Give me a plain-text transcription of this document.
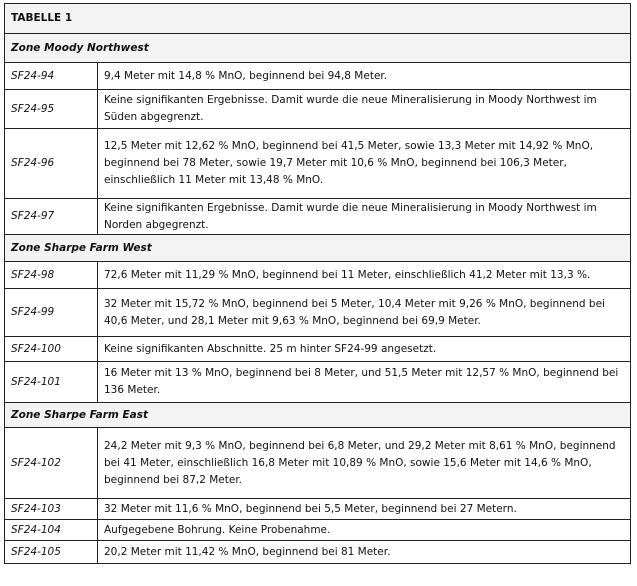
TABELLE 1	
Zone Moody Northwest	
SF24-94	9,4 Meter mit 14,8 % MnO, beginnend bei 94,8 Meter.
SF24-95	Keine signifikanten Ergebnisse. Damit wurde die neue Mineralisierung in Moody Northwest im Süden abgegrenzt.
SF24-96	12,5 Meter mit 12,62 % MnO, beginnend bei 41,5 Meter, sowie 13,3 Meter mit 14,92 % MnO, beginnend bei 78 Meter, sowie 19,7 Meter mit 10,6 % MnO, beginnend bei 106,3 Meter, einschließlich 11 Meter mit 13,48 % MnO.
SF24-97	Keine signifikanten Ergebnisse. Damit wurde die neue Mineralisierung in Moody Northwest im Norden abgegrenzt.
Zone Sharpe Farm West	
SF24-98	72,6 Meter mit 11,29 % MnO, beginnend bei 11 Meter, einschließlich 41,2 Meter mit 13,3 %.
SF24-99	32 Meter mit 15,72 % MnO, beginnend bei 5 Meter, 10,4 Meter mit 9,26 % MnO, beginnend bei 40,6 Meter, und 28,1 Meter mit 9,63 % MnO, beginnend bei 69,9 Meter.
SF24-100	Keine signifikanten Abschnitte. 25 m hinter SF24-99 angesetzt.
SF24-101	16 Meter mit 13 % MnO, beginnend bei 8 Meter, und 51,5 Meter mit 12,57 % MnO, beginnend bei 136 Meter.
Zone Sharpe Farm East	
SF24-102	24,2 Meter mit 9,3 % MnO, beginnend bei 6,8 Meter, und 29,2 Meter mit 8,61 % MnO, beginnend bei 41 Meter, einschließlich 16,8 Meter mit 10,89 % MnO, sowie 15,6 Meter mit 14,6 % MnO, beginnend bei 87,2 Meter.
SF24-103	32 Meter mit 11,6 % MnO, beginnend bei 5,5 Meter, beginnend bei 27 Metern.
SF24-104	Aufgegebene Bohrung. Keine Probenahme.
SF24-105	20,2 Meter mit 11,42 % MnO, beginnend bei 81 Meter.
